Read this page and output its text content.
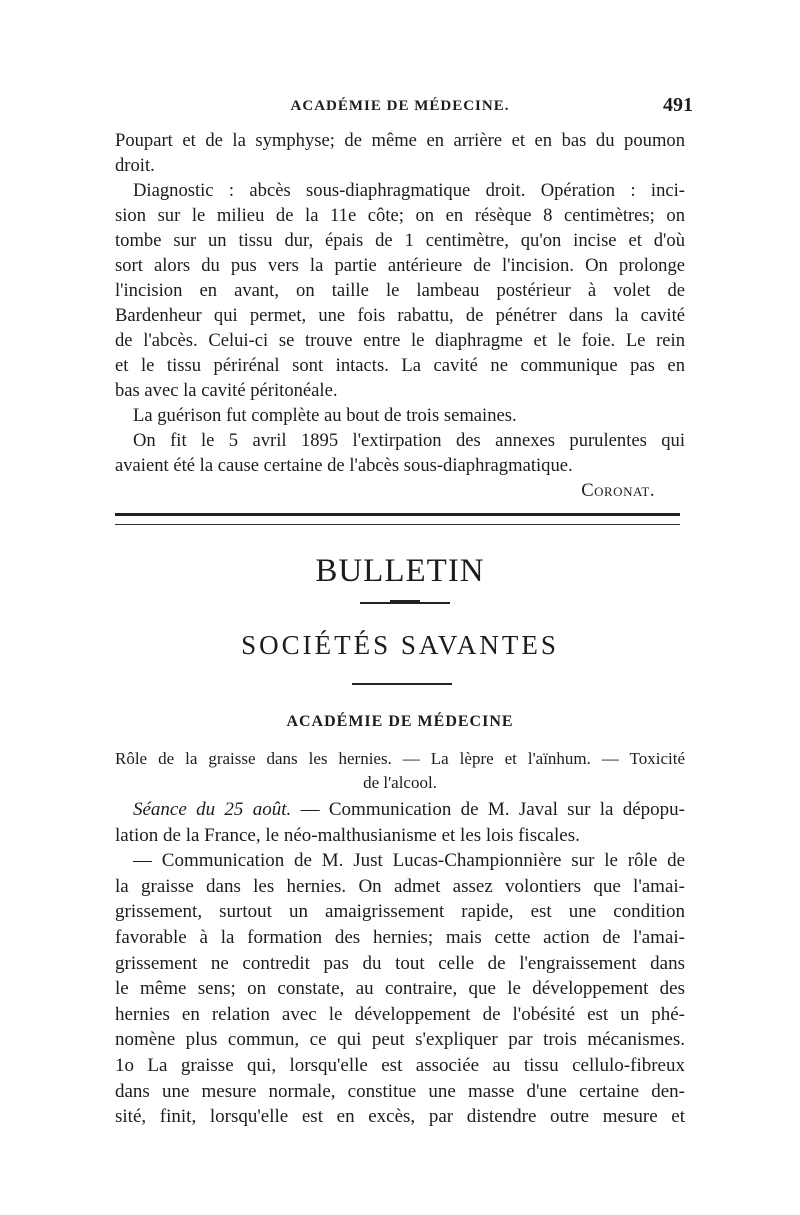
ACADÉMIE DE MÉDECINE.	491
Poupart et de la symphyse; de même en arrière et en bas du poumon
droit.
Diagnostic : abcès sous-diaphragmatique droit. Opération : inci-
sion sur le milieu de la 11e côte; on en résèque 8 centimètres; on
tombe sur un tissu dur, épais de 1 centimètre, qu'on incise et d'où
sort alors du pus vers la partie antérieure de l'incision. On prolonge
l'incision en avant, on taille le lambeau postérieur à volet de
Bardenheur qui permet, une fois rabattu, de pénétrer dans la cavité
de l'abcès. Celui-ci se trouve entre le diaphragme et le foie. Le rein
et le tissu périrénal sont intacts. La cavité ne communique pas en
bas avec la cavité péritonéale.
La guérison fut complète au bout de trois semaines.
On fit le 5 avril 1895 l'extirpation des annexes purulentes qui
avaient été la cause certaine de l'abcès sous-diaphragmatique.
Coronat.
BULLETIN
SOCIÉTÉS SAVANTES
ACADÉMIE DE MÉDECINE
Rôle de la graisse dans les hernies. — La lèpre et l'aïnhum. — Toxicité
de l'alcool.
Séance du 25 août. — Communication de M. Javal sur la dépopu-
lation de la France, le néo-malthusianisme et les lois fiscales.
— Communication de M. Just Lucas-Championnière sur le rôle de
la graisse dans les hernies. On admet assez volontiers que l'amai-
grissement, surtout un amaigrissement rapide, est une condition
favorable à la formation des hernies; mais cette action de l'amai-
grissement ne contredit pas du tout celle de l'engraissement dans
le même sens; on constate, au contraire, que le développement des
hernies en relation avec le développement de l'obésité est un phé-
nomène plus commun, ce qui peut s'expliquer par trois mécanismes.
1o La graisse qui, lorsqu'elle est associée au tissu cellulo-fibreux
dans une mesure normale, constitue une masse d'une certaine den-
sité, finit, lorsqu'elle est en excès, par distendre outre mesure et
